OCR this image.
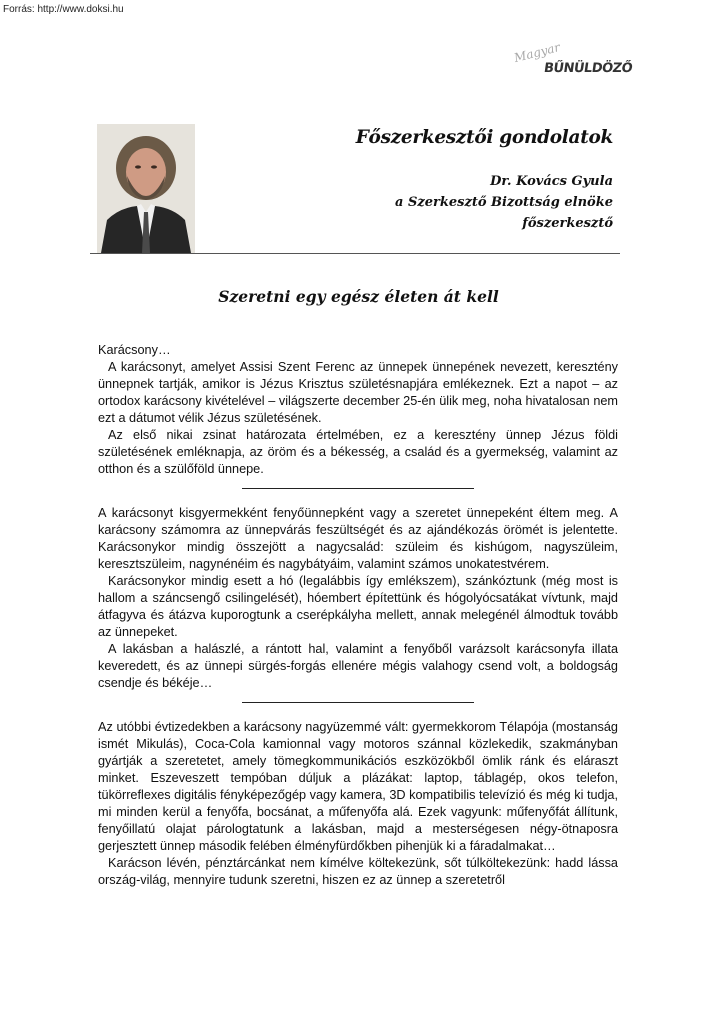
Forrás: http://www.doksi.hu
Magyar
BŰNÜLDÖZŐ
Főszerkesztői gondolatok
Dr. Kovács Gyula
a Szerkesztő Bizottság elnöke
főszerkesztő
Szeretni egy egész életen át kell

Karácsony…

A karácsonyt, amelyet Assisi Szent Ferenc az ünnepek ünnepének nevezett, keresztény ünnepnek tartják, amikor is Jézus Krisztus születésnapjára emlékeznek. Ezt a napot – az ortodox karácsony kivételével – világszerte december 25-én ülik meg, noha hivatalosan nem ezt a dátumot vélik Jézus születésének.

Az első nikai zsinat határozata értelmében, ez a keresztény ünnep Jézus földi születésének emléknapja, az öröm és a békesség, a család és a gyermekség, valamint az otthon és a szülőföld ünnepe.

A karácsonyt kisgyermekként fenyőünnepként vagy a szeretet ünnepeként éltem meg. A karácsony számomra az ünnepvárás feszültségét és az ajándékozás örömét is jelentette. Karácsonykor mindig összejött a nagycsalád: szüleim és kishúgom, nagyszüleim, keresztszüleim, nagynénéim és nagybátyáim, valamint számos unokatestvérem.

Karácsonykor mindig esett a hó (legalábbis így emlékszem), szánkóztunk (még most is hallom a száncsengő csilingelését), hóembert építettünk és hógolyócsatákat vívtunk, majd átfagyva és átázva kuporogtunk a cserépkályha mellett, annak melegénél álmodtuk tovább az ünnepeket.

A lakásban a halászlé, a rántott hal, valamint a fenyőből varázsolt karácsonyfa illata keveredett, és az ünnepi sürgés-forgás ellenére mégis valahogy csend volt, a boldogság csendje és békéje…

Az utóbbi évtizedekben a karácsony nagyüzemmé vált: gyermekkorom Télapója (mostanság ismét Mikulás), Coca-Cola kamionnal vagy motoros szánnal közlekedik, szakmányban gyártják a szeretetet, amely tömegkommunikációs eszközökből ömlik ránk és eláraszt minket. Eszeveszett tempóban dúljuk a plázákat: laptop, táblagép, okos telefon, tükörreflexes digitális fényképezőgép vagy kamera, 3D kompatibilis televízió és még ki tudja, mi minden kerül a fenyőfa, bocsánat, a műfenyőfa alá. Ezek vagyunk: műfenyőfát állítunk, fenyőillatú olajat párologtatunk a lakásban, majd a mesterségesen négy-ötnaposra gerjesztett ünnep második felében élményfürdőkben pihenjük ki a fáradalmakat…

Karácson lévén, pénztárcánkat nem kímélve költekezünk, sőt túlköltekezünk: hadd lássa ország-világ, mennyire tudunk szeretni, hiszen ez az ünnep a szeretetről
